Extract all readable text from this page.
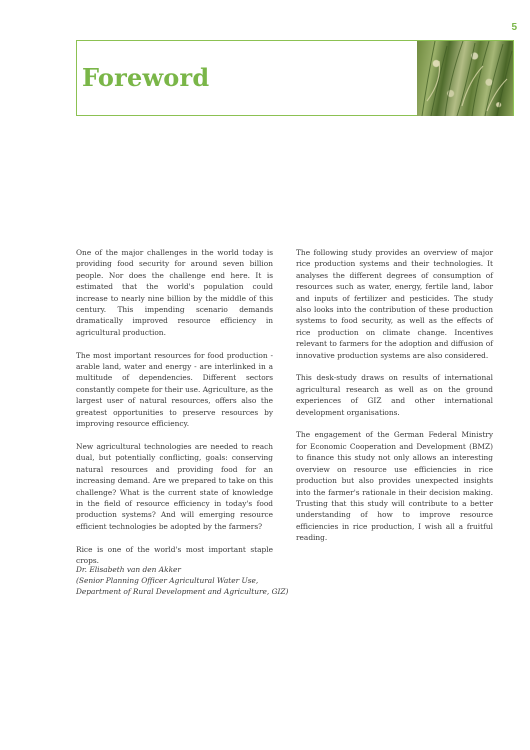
5
Foreword

One of the major challenges in the world today is providing food security for around seven billion people. Nor does the challenge end here. It is estimated that the world's population could increase to nearly nine billion by the middle of this century. This impending scenario demands dramatically improved resource efficiency in agricultural production.

The most important resources for food production - arable land, water and energy - are interlinked in a multitude of dependencies. Different sectors constantly compete for their use. Agriculture, as the largest user of natural resources, offers also the greatest opportunities to preserve resources by improving resource efficiency.

New agricultural technologies are needed to reach dual, but potentially conflicting, goals: conserving natural resources and providing food for an increasing demand. Are we prepared to take on this challenge? What is the current state of knowledge in the field of resource efficiency in today's food production systems? And will emerging resource efficient technologies be adopted by the farmers?

Rice is one of the world's most important staple crops.

The following study provides an overview of major rice production systems and their technologies. It analyses the different degrees of consumption of resources such as water, energy, fertile land, labor and inputs of fertilizer and pesticides. The study also looks into the contribution of these production systems to food security, as well as the effects of rice production on climate change. Incentives relevant to farmers for the adoption and diffusion of innovative production systems are also considered.

This desk-study draws on results of international agricultural research as well as on the ground experiences of GIZ and other international development organisations.

The engagement of the German Federal Ministry for Economic Cooperation and Development (BMZ) to finance this study not only allows an interesting overview on resource use efficiencies in rice production but also provides unexpected insights into the farmer's rationale in their decision making. Trusting that this study will contribute to a better understanding of how to improve resource efficiencies in rice production, I wish all a fruitful reading.

Dr. Elisabeth van den Akker
(Senior Planning Officer Agricultural Water Use,
Department of Rural Development and Agriculture, GIZ)
